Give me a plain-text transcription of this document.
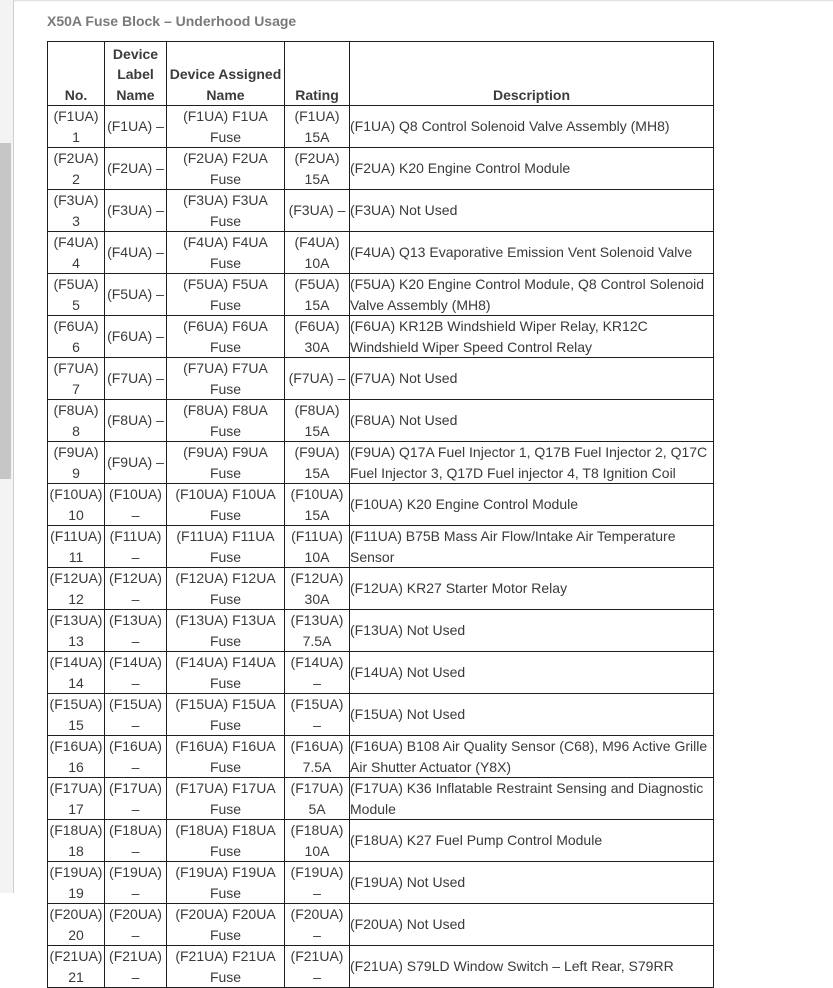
X50A Fuse Block – Underhood Usage
No.	Device Label Name	Device Assigned Name	Rating	Description
(F1UA) 1	(F1UA) –	(F1UA) F1UA Fuse	(F1UA) 15A	(F1UA) Q8 Control Solenoid Valve Assembly (MH8)
(F2UA) 2	(F2UA) –	(F2UA) F2UA Fuse	(F2UA) 15A	(F2UA) K20 Engine Control Module
(F3UA) 3	(F3UA) –	(F3UA) F3UA Fuse	(F3UA) –	(F3UA) Not Used
(F4UA) 4	(F4UA) –	(F4UA) F4UA Fuse	(F4UA) 10A	(F4UA) Q13 Evaporative Emission Vent Solenoid Valve
(F5UA) 5	(F5UA) –	(F5UA) F5UA Fuse	(F5UA) 15A	(F5UA) K20 Engine Control Module, Q8 Control Solenoid Valve Assembly (MH8)
(F6UA) 6	(F6UA) –	(F6UA) F6UA Fuse	(F6UA) 30A	(F6UA) KR12B Windshield Wiper Relay, KR12C Windshield Wiper Speed Control Relay
(F7UA) 7	(F7UA) –	(F7UA) F7UA Fuse	(F7UA) –	(F7UA) Not Used
(F8UA) 8	(F8UA) –	(F8UA) F8UA Fuse	(F8UA) 15A	(F8UA) Not Used
(F9UA) 9	(F9UA) –	(F9UA) F9UA Fuse	(F9UA) 15A	(F9UA) Q17A Fuel Injector 1, Q17B Fuel Injector 2, Q17C Fuel Injector 3, Q17D Fuel injector 4, T8 Ignition Coil
(F10UA) 10	(F10UA) –	(F10UA) F10UA Fuse	(F10UA) 15A	(F10UA) K20 Engine Control Module
(F11UA) 11	(F11UA) –	(F11UA) F11UA Fuse	(F11UA) 10A	(F11UA) B75B Mass Air Flow/Intake Air Temperature Sensor
(F12UA) 12	(F12UA) –	(F12UA) F12UA Fuse	(F12UA) 30A	(F12UA) KR27 Starter Motor Relay
(F13UA) 13	(F13UA) –	(F13UA) F13UA Fuse	(F13UA) 7.5A	(F13UA) Not Used
(F14UA) 14	(F14UA) –	(F14UA) F14UA Fuse	(F14UA) –	(F14UA) Not Used
(F15UA) 15	(F15UA) –	(F15UA) F15UA Fuse	(F15UA) –	(F15UA) Not Used
(F16UA) 16	(F16UA) –	(F16UA) F16UA Fuse	(F16UA) 7.5A	(F16UA) B108 Air Quality Sensor (C68), M96 Active Grille Air Shutter Actuator (Y8X)
(F17UA) 17	(F17UA) –	(F17UA) F17UA Fuse	(F17UA) 5A	(F17UA) K36 Inflatable Restraint Sensing and Diagnostic Module
(F18UA) 18	(F18UA) –	(F18UA) F18UA Fuse	(F18UA) 10A	(F18UA) K27 Fuel Pump Control Module
(F19UA) 19	(F19UA) –	(F19UA) F19UA Fuse	(F19UA) –	(F19UA) Not Used
(F20UA) 20	(F20UA) –	(F20UA) F20UA Fuse	(F20UA) –	(F20UA) Not Used
(F21UA) 21	(F21UA) –	(F21UA) F21UA Fuse	(F21UA) –	(F21UA) S79LD Window Switch – Left Rear, S79RR
